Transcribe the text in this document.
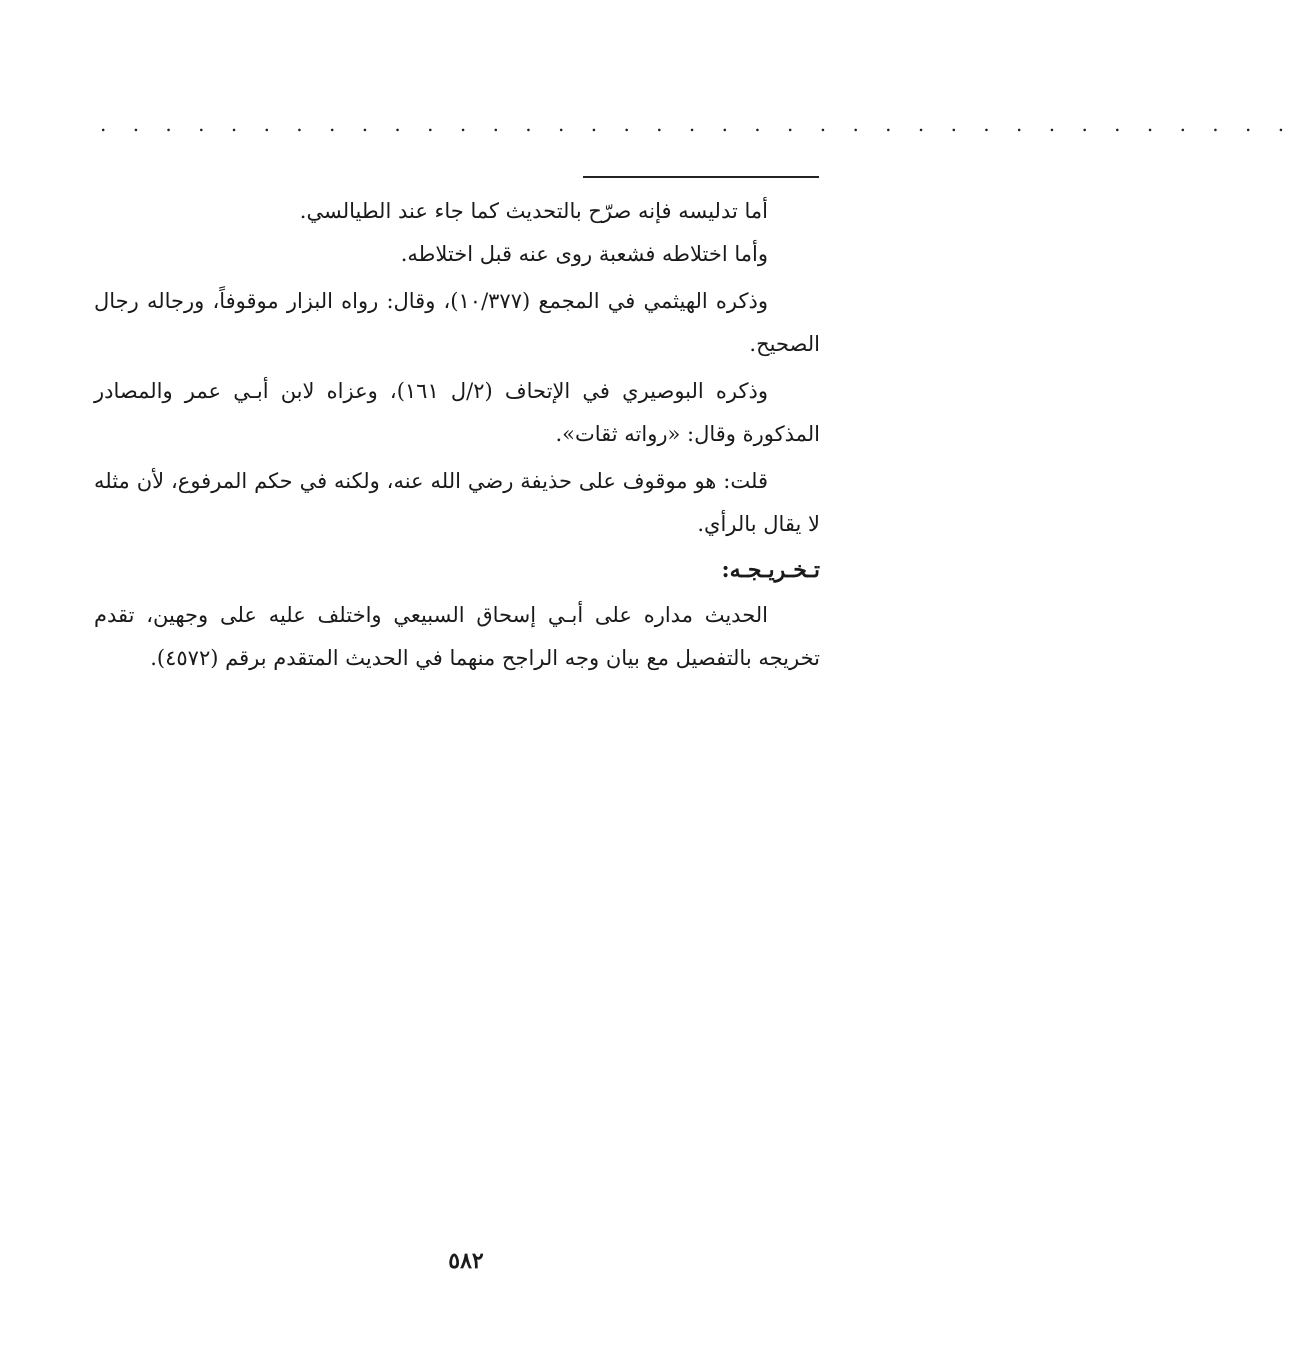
. . . . . . . . . . . . . . . . . . . . . . . . . . . . . . . . . . . . .

أما تدليسه فإنه صرّح بالتحديث كما جاء عند الطيالسي.

وأما اختلاطه فشعبة روى عنه قبل اختلاطه.

وذكره الهيثمي في المجمع (١٠/٣٧٧)، وقال: رواه البزار موقوفاً، ورجاله رجال الصحيح.

وذكره البوصيري في الإتحاف (٢/ل ١٦١)، وعزاه لابن أبـي عمر والمصادر المذكورة وقال: «رواته ثقات».

قلت: هو موقوف على حذيفة رضي الله عنه، ولكنه في حكم المرفوع، لأن مثله لا يقال بالرأي.

تـخـريـجـه:

الحديث مداره على أبـي إسحاق السبيعي واختلف عليه على وجهين، تقدم تخريجه بالتفصيل مع بيان وجه الراجح منهما في الحديث المتقدم برقم (٤٥٧٢).

٥٨٢
